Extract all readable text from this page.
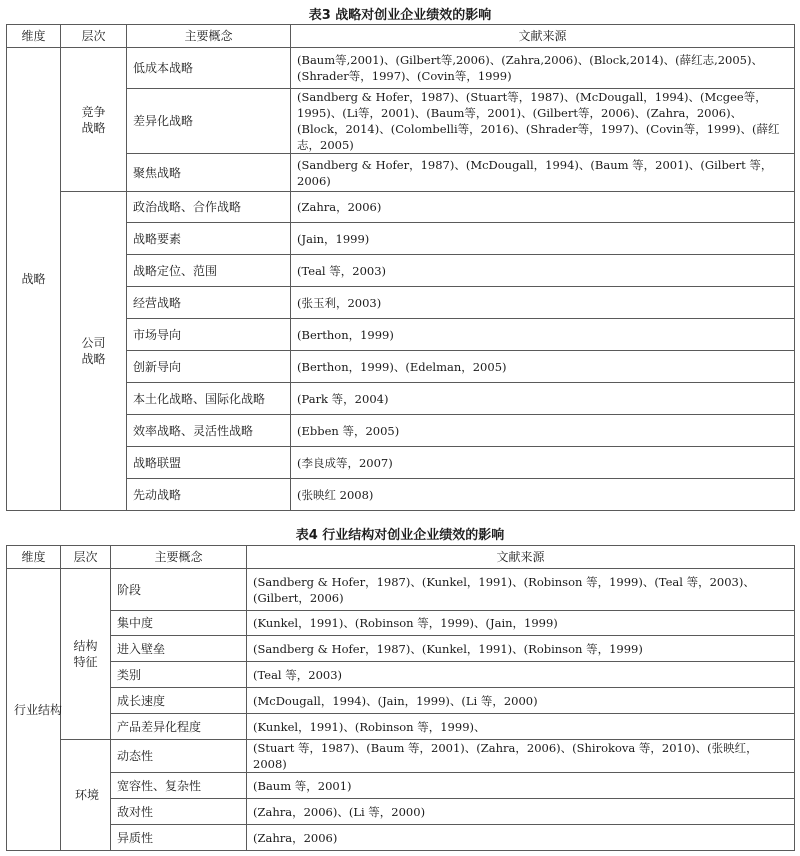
表3 战略对创业企业绩效的影响
维度	层次	主要概念	文献来源
战略	竞争战略	低成本战略	(Baum等,2001)、(Gilbert等,2006)、(Zahra,2006)、(Block,2014)、(薛红志,2005)、(Shrader等，1997)、(Covin等，1999)
		差异化战略	(Sandberg & Hofer，1987)、(Stuart等，1987)、(McDougall，1994)、(Mcgee等，1995)、(Li等，2001)、(Baum等，2001)、(Gilbert等，2006)、(Zahra，2006)、(Block，2014)、(Colombelli等，2016)、(Shrader等，1997)、(Covin等，1999)、(薛红志，2005)
		聚焦战略	(Sandberg & Hofer，1987)、(McDougall，1994)、(Baum 等，2001)、(Gilbert 等，2006)
	公司战略	政治战略、合作战略	(Zahra，2006)
		战略要素	(Jain，1999)
		战略定位、范围	(Teal 等，2003)
		经营战略	(张玉利，2003)
		市场导向	(Berthon，1999)
		创新导向	(Berthon，1999)、(Edelman，2005)
		本土化战略、国际化战略	(Park 等，2004)
		效率战略、灵活性战略	(Ebben 等，2005)
		战略联盟	(李良成等，2007)
		先动战略	(张映红 2008)
表4 行业结构对创业企业绩效的影响
维度	层次	主要概念	文献来源
行业结构	结构特征	阶段	(Sandberg & Hofer，1987)、(Kunkel，1991)、(Robinson 等，1999)、(Teal 等，2003)、(Gilbert，2006)
		集中度	(Kunkel，1991)、(Robinson 等，1999)、(Jain，1999)
		进入壁垒	(Sandberg & Hofer，1987)、(Kunkel，1991)、(Robinson 等，1999)
		类别	(Teal 等，2003)
		成长速度	(McDougall，1994)、(Jain，1999)、(Li 等，2000)
		产品差异化程度	(Kunkel，1991)、(Robinson 等，1999)、
	环境	动态性	(Stuart 等，1987)、(Baum 等，2001)、(Zahra，2006)、(Shirokova 等，2010)、(张映红，2008)
		宽容性、复杂性	(Baum 等，2001)
		敌对性	(Zahra，2006)、(Li 等，2000)
		异质性	(Zahra，2006)
